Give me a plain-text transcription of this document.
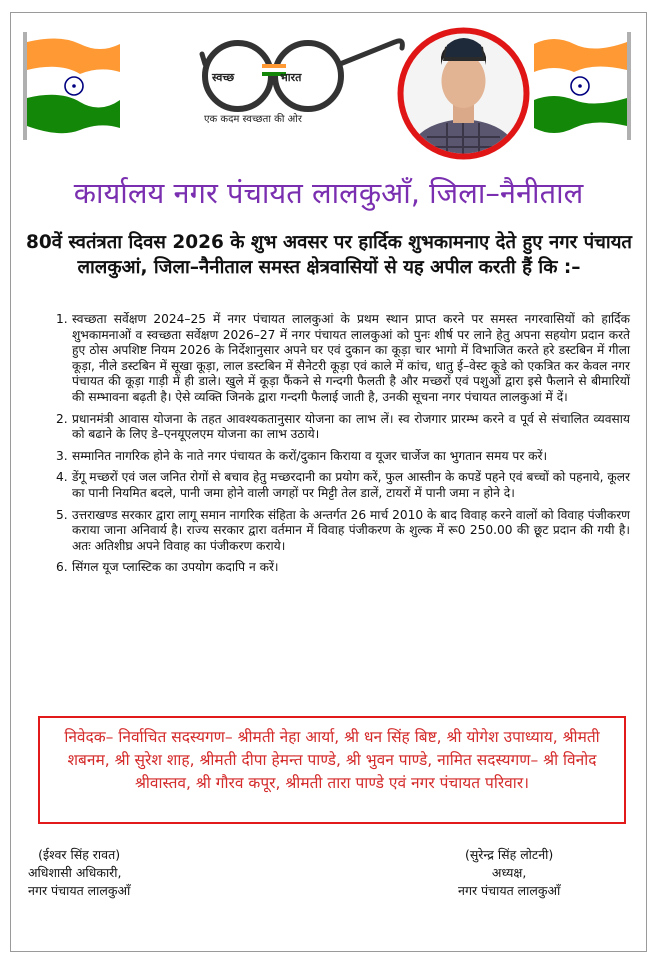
स्वच्छ	भारत
एक कदम स्वच्छता की ओर
कार्यालय नगर पंचायत लालकुआँ, जिला–नैनीताल
80वें स्वतंत्रता दिवस 2026 के शुभ अवसर पर हार्दिक शुभकामनाए देते हुए नगर पंचायत लालकुआं, जिला–नैनीताल समस्त क्षेत्रवासियों से यह अपील करती हैं कि :–
1. स्वच्छता सर्वेक्षण 2024–25 में नगर पंचायत लालकुआं के प्रथम स्थान प्राप्त करने पर समस्त नगरवासियों को हार्दिक शुभकामनाओं व स्वच्छता सर्वेक्षण 2026–27 में नगर पंचायत लालकुआं को पुनः शीर्ष पर लाने हेतु अपना सहयोग प्रदान करते हुए ठोस अपशिष्ट नियम 2026 के निर्देशानुसार अपने घर एवं दुकान का कूड़ा चार भागो में विभाजित करते हरे डस्टबिन में गीला कूड़ा, नीले डस्टबिन में सूखा कूड़ा, लाल डस्टबिन में सैनेटरी कूड़ा एवं काले में कांच, धातु ई–वेस्ट कूडे को एकत्रित कर केवल नगर पंचायत की कूड़ा गाड़ी में ही डाले। खुले में कूड़ा फैंकने से गन्दगी फैलती है और मच्छरों एवं पशुओं द्वारा इसे फैलाने से बीमारियों की सम्भावना बढ़ती है। ऐसे व्यक्ति जिनके द्वारा गन्दगी फैलाई जाती है, उनकी सूचना नगर पंचायत लालकुआं में दें।
2. प्रधानमंत्री आवास योजना के तहत आवश्यकतानुसार योजना का लाभ लें। स्व रोजगार प्रारम्भ करने व पूर्व से संचालित व्यवसाय को बढाने के लिए डे–एनयूएलएम योजना का लाभ उठाये।
3. सम्मानित नागरिक होने के नाते नगर पंचायत के करों/दुकान किराया व यूजर चार्जेज का भुगतान समय पर करें।
4. डेंगू मच्छरों एवं जल जनित रोगों से बचाव हेतु मच्छरदानी का प्रयोग करें, फुल आस्तीन के कपडें पहने एवं बच्चों को पहनाये, कूलर का पानी नियमित बदले, पानी जमा होने वाली जगहों पर मिट्टी तेल डालें, टायरों में पानी जमा न होने दे।
5. उत्तराखण्ड सरकार द्वारा लागू समान नागरिक संहिता के अन्तर्गत 26 मार्च 2010 के बाद विवाह करने वालों को विवाह पंजीकरण कराया जाना अनिवार्य है। राज्य सरकार द्वारा वर्तमान में विवाह पंजीकरण के शुल्क में रू0 250.00 की छूट प्रदान की गयी है। अतः अतिशीघ्र अपने विवाह का पंजीकरण कराये।
6. सिंगल यूज प्लास्टिक का उपयोग कदापि न करें।
निवेदक– निर्वाचित सदस्यगण– श्रीमती नेहा आर्या, श्री धन सिंह बिष्ट, श्री योगेश उपाध्याय, श्रीमती शबनम, श्री सुरेश शाह, श्रीमती दीपा हेमन्त पाण्डे, श्री भुवन पाण्डे, नामित सदस्यगण– श्री विनोद श्रीवास्तव, श्री गौरव कपूर, श्रीमती तारा पाण्डे एवं नगर पंचायत परिवार।
(ईश्वर सिंह रावत)
अधिशासी अधिकारी,
नगर पंचायत लालकुआँ
(सुरेन्द्र सिंह लोटनी)
अध्यक्ष,
नगर पंचायत लालकुआँ
